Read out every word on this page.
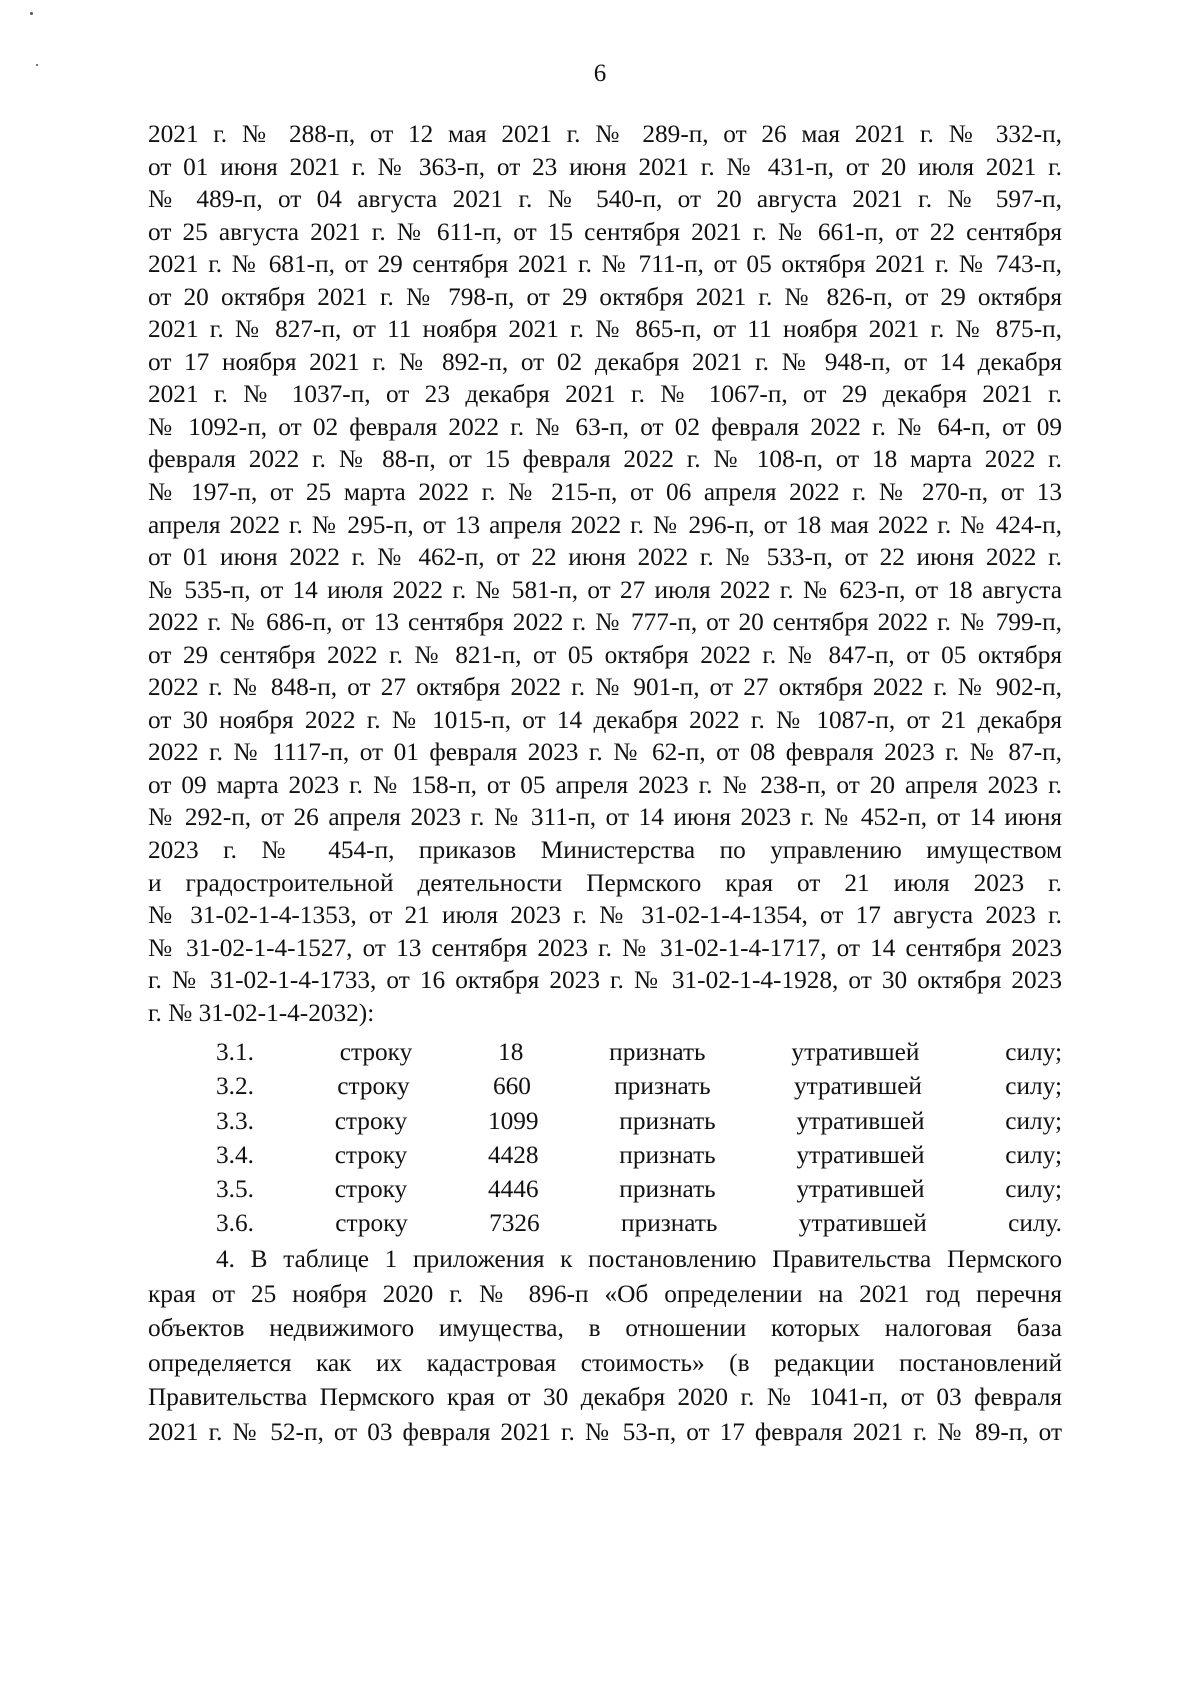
6
2021 г. № 288-п, от 12 мая 2021 г. № 289-п, от 26 мая 2021 г. № 332-п,
от 01 июня 2021 г. № 363-п, от 23 июня 2021 г. № 431-п, от 20 июля 2021 г.
№ 489-п, от 04 августа 2021 г. № 540-п, от 20 августа 2021 г. № 597-п,
от 25 августа 2021 г. № 611-п, от 15 сентября 2021 г. № 661-п, от 22 сентября
2021 г. № 681-п, от 29 сентября 2021 г. № 711-п, от 05 октября 2021 г. № 743-п,
от 20 октября 2021 г. № 798-п, от 29 октября 2021 г. № 826-п, от 29 октября
2021 г. № 827-п, от 11 ноября 2021 г. № 865-п, от 11 ноября 2021 г. № 875-п,
от 17 ноября 2021 г. № 892-п, от 02 декабря 2021 г. № 948-п, от 14 декабря
2021 г. № 1037-п, от 23 декабря 2021 г. № 1067-п, от 29 декабря 2021 г.
№ 1092-п, от 02 февраля 2022 г. № 63-п, от 02 февраля 2022 г. № 64-п, от 09
февраля 2022 г. № 88-п, от 15 февраля 2022 г. № 108-п, от 18 марта 2022 г.
№ 197-п, от 25 марта 2022 г. № 215-п, от 06 апреля 2022 г. № 270-п, от 13
апреля 2022 г. № 295-п, от 13 апреля 2022 г. № 296-п, от 18 мая 2022 г. № 424-п,
от 01 июня 2022 г. № 462-п, от 22 июня 2022 г. № 533-п, от 22 июня 2022 г.
№ 535-п, от 14 июля 2022 г. № 581-п, от 27 июля 2022 г. № 623-п, от 18 августа
2022 г. № 686-п, от 13 сентября 2022 г. № 777-п, от 20 сентября 2022 г. № 799-п,
от 29 сентября 2022 г. № 821-п, от 05 октября 2022 г. № 847-п, от 05 октября
2022 г. № 848-п, от 27 октября 2022 г. № 901-п, от 27 октября 2022 г. № 902-п,
от 30 ноября 2022 г. № 1015-п, от 14 декабря 2022 г. № 1087-п, от 21 декабря
2022 г. № 1117-п, от 01 февраля 2023 г. № 62-п, от 08 февраля 2023 г. № 87-п,
от 09 марта 2023 г. № 158-п, от 05 апреля 2023 г. № 238-п, от 20 апреля 2023 г.
№ 292-п, от 26 апреля 2023 г. № 311-п, от 14 июня 2023 г. № 452-п, от 14 июня
2023 г. № 454-п, приказов Министерства по управлению имуществом
и градостроительной деятельности Пермского края от 21 июля 2023 г.
№ 31-02-1-4-1353, от 21 июля 2023 г. № 31-02-1-4-1354, от 17 августа 2023 г.
№ 31-02-1-4-1527, от 13 сентября 2023 г. № 31-02-1-4-1717, от 14 сентября 2023
г. № 31-02-1-4-1733, от 16 октября 2023 г. № 31-02-1-4-1928, от 30 октября 2023
г. № 31-02-1-4-2032):
3.1. строку 18 признать утратившей силу;
3.2. строку 660 признать утратившей силу;
3.3. строку 1099 признать утратившей силу;
3.4. строку 4428 признать утратившей силу;
3.5. строку 4446 признать утратившей силу;
3.6. строку 7326 признать утратившей силу.
4. В таблице 1 приложения к постановлению Правительства Пермского
края от 25 ноября 2020 г. № 896-п «Об определении на 2021 год перечня
объектов недвижимого имущества, в отношении которых налоговая база
определяется как их кадастровая стоимость» (в редакции постановлений
Правительства Пермского края от 30 декабря 2020 г. № 1041-п, от 03 февраля
2021 г. № 52-п, от 03 февраля 2021 г. № 53-п, от 17 февраля 2021 г. № 89-п, от
